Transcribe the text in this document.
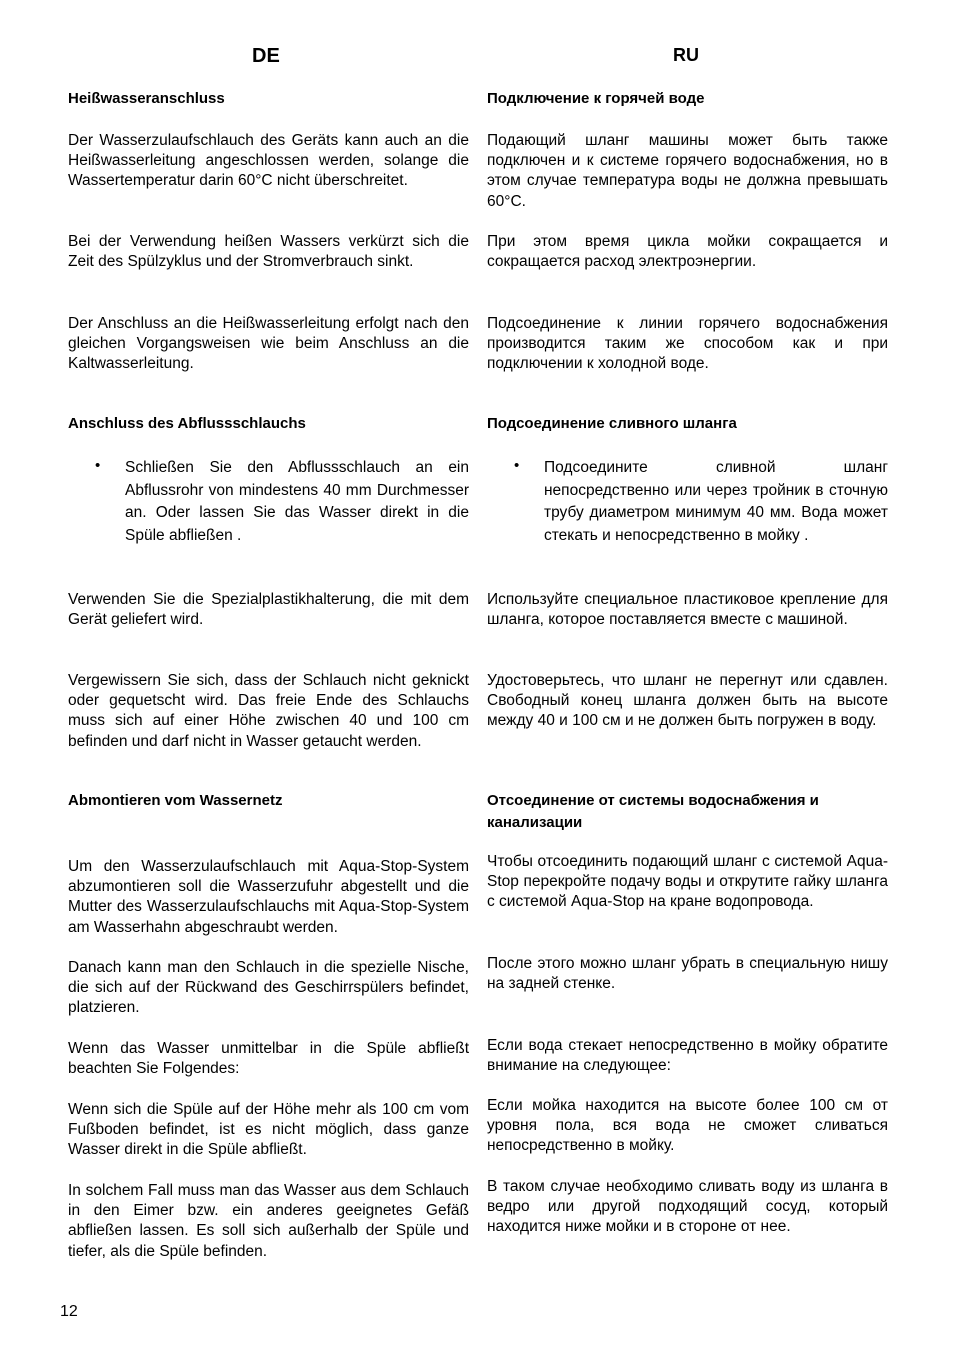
DE

Heißwasseranschluss

Der Wasserzulaufschlauch des Geräts kann auch an die Heißwasserleitung angeschlossen werden, solange die Wassertemperatur darin 60°C nicht überschreitet.

Bei der Verwendung heißen Wassers verkürzt sich die Zeit des Spülzyklus und der Stromverbrauch sinkt.

Der Anschluss an die Heißwasserleitung erfolgt nach den gleichen Vorgangsweisen wie beim Anschluss an die Kaltwasserleitung.

Anschluss des Abflussschlauchs

• Schließen Sie den Abflussschlauch an ein Abflussrohr von mindestens 40 mm Durchmesser an. Oder lassen Sie das Wasser direkt in die Spüle abfließen .

Verwenden Sie die Spezialplastikhalterung, die mit dem Gerät geliefert wird.

Vergewissern Sie sich, dass der Schlauch nicht geknickt oder gequetscht wird. Das freie Ende des Schlauchs muss sich auf einer Höhe zwischen 40 und 100 cm befinden und darf nicht in Wasser getaucht werden.

Abmontieren vom Wassernetz

Um den Wasserzulaufschlauch mit Aqua-Stop-System abzumontieren soll die Wasserzufuhr abgestellt und die Mutter des Wasserzulaufschlauchs mit Aqua-Stop-System am Wasserhahn abgeschraubt werden.

Danach kann man den Schlauch in die spezielle Nische, die sich auf der Rückwand des Geschirrspülers befindet, platzieren.

Wenn das Wasser unmittelbar in die Spüle abfließt beachten Sie Folgendes:

Wenn sich die Spüle auf der Höhe mehr als 100 cm vom Fußboden befindet, ist es nicht möglich, dass ganze Wasser direkt in die Spüle abfließt.

In solchem Fall muss man das Wasser aus dem Schlauch in den Eimer bzw. ein anderes geeignetes Gefäß abfließen lassen. Es soll sich außerhalb der Spüle und tiefer, als die Spüle befinden.

RU

Подключение к горячей воде

Подающий шланг машины может быть также подключен и к системе горячего водоснабжения, но в этом случае температура воды не должна превышать 60°С.

При этом время цикла мойки сокращается и сокращается расход электроэнергии.

Подсоединение к линии горячего водоснабжения производится таким же способом как и при подключении к холодной воде.

Подсоединение сливного шланга

• Подсоедините сливной шланг непосредственно или через тройник в сточную трубу диаметром минимум 40 мм. Вода может стекать и непосредственно в мойку .

Используйте специальное пластиковое крепление для шланга, которое поставляется вместе с машиной.

Удостоверьтесь, что шланг не перегнут или сдавлен. Свободный конец шланга должен быть на высоте между 40 и 100 см и не должен быть погружен в воду.

Отсоединение от системы водоснабжения и канализации

Чтобы отсоединить подающий шланг с системой Aqua-Stop перекройте подачу воды и открутите гайку шланга с системой Aqua-Stop на кране водопровода.

После этого можно шланг убрать в специальную нишу на задней стенке.

Если вода стекает непосредственно в мойку обратите внимание на следующее:

Если мойка находится на высоте более 100 см от уровня пола, вся вода не сможет сливаться непосредственно в мойку.

В таком случае необходимо сливать воду из шланга в ведро или другой подходящий сосуд, который находится ниже мойки и в стороне от нее.

12
